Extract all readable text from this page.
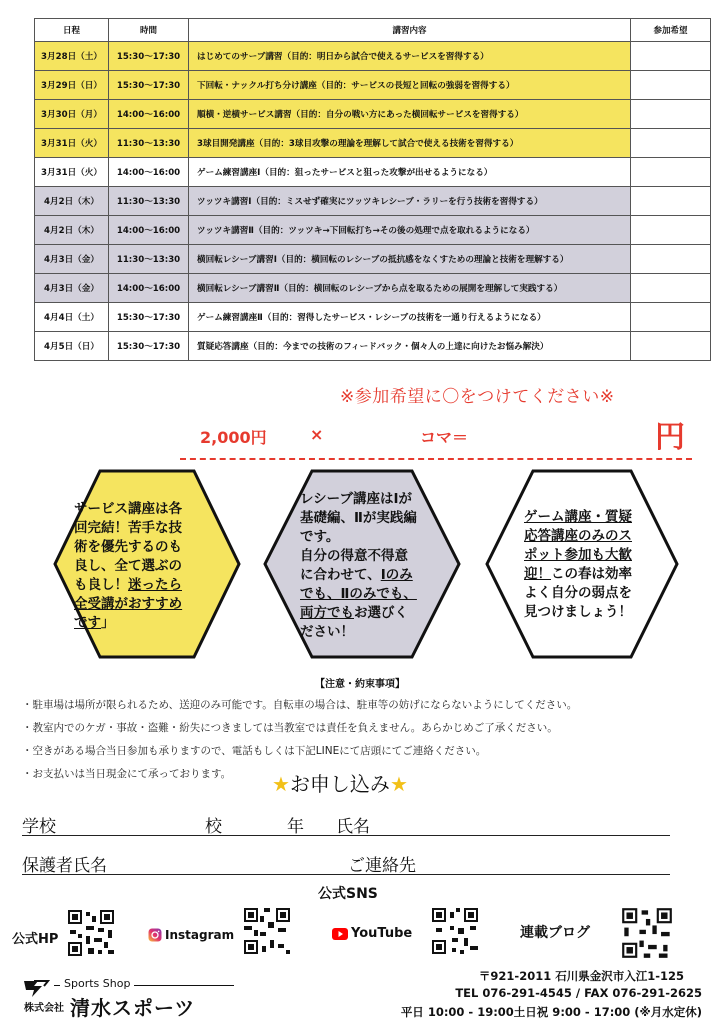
日程	時間	講習内容	参加希望
3月28日（土）	15:30～17:30	はじめてのサーブ講習（目的：明日から試合で使えるサービスを習得する）	
3月29日（日）	15:30～17:30	下回転・ナックル打ち分け講座（目的：サービスの長短と回転の強弱を習得する）	
3月30日（月）	14:00～16:00	順横・逆横サービス講習（目的：自分の戦い方にあった横回転サービスを習得する）	
3月31日（火）	11:30～13:30	3球目開発講座（目的：3球目攻撃の理論を理解して試合で使える技術を習得する）	
3月31日（火）	14:00～16:00	ゲーム練習講座Ⅰ（目的：狙ったサービスと狙った攻撃が出せるようになる）	
4月2日（木）	11:30～13:30	ツッツキ講習Ⅰ（目的：ミスせず確実にツッツキレシーブ・ラリーを行う技術を習得する）	
4月2日（木）	14:00～16:00	ツッツキ講習Ⅱ（目的：ツッツキ→下回転打ち→その後の処理で点を取れるようになる）	
4月3日（金）	11:30～13:30	横回転レシーブ講習Ⅰ（目的：横回転のレシーブの抵抗感をなくすための理論と技術を理解する）	
4月3日（金）	14:00～16:00	横回転レシーブ講習Ⅱ（目的：横回転のレシーブから点を取るための展開を理解して実践する）	
4月4日（土）	15:30～17:30	ゲーム練習講座Ⅱ（目的：習得したサービス・レシーブの技術を一通り行えるようになる）	
4月5日（日）	15:30～17:30	質疑応答講座（目的：今までの技術のフィードバック・個々人の上達に向けたお悩み解決）	
※参加希望に〇をつけてください※
2,000円	×	コマ＝	円
サービス講座は各
回完結！苦手な技
術を優先するのも
良し、全て選ぶの
も良し！迷ったら
全受講がおすすめ
です」
レシーブ講座はⅠが
基礎編、Ⅱが実践編
です。
自分の得意不得意
に合わせて、Ⅰのみ
でも、Ⅱのみでも、
両方でもお選びく
ださい！
ゲーム講座・質疑
応答講座のみのス
ポット参加も大歓
迎！この春は効率
よく自分の弱点を
見つけましょう！
【注意・約束事項】
・駐車場は場所が限られるため、送迎のみ可能です。自転車の場合は、駐車等の妨げにならないようにしてください。
・教室内でのケガ・事故・盗難・紛失につきましては当教室では責任を負えません。あらかじめご了承ください。
・空きがある場合当日参加も承りますので、電話もしくは下記LINEにて店頭にてご連絡ください。
・お支払いは当日現金にて承っております。 ★お申し込み★
学校	校	年 氏名
保護者氏名	ご連絡先
公式SNS
公式HP	Instagram	YouTube	連載ブログ
Sports Shop
株式会社 清水スポーツ
〒921-2011 石川県金沢市入江1-125
TEL 076-291-4545 / FAX 076-291-2625
平日 10:00 - 19:00土日祝 9:00 - 17:00 (※月水定休)
